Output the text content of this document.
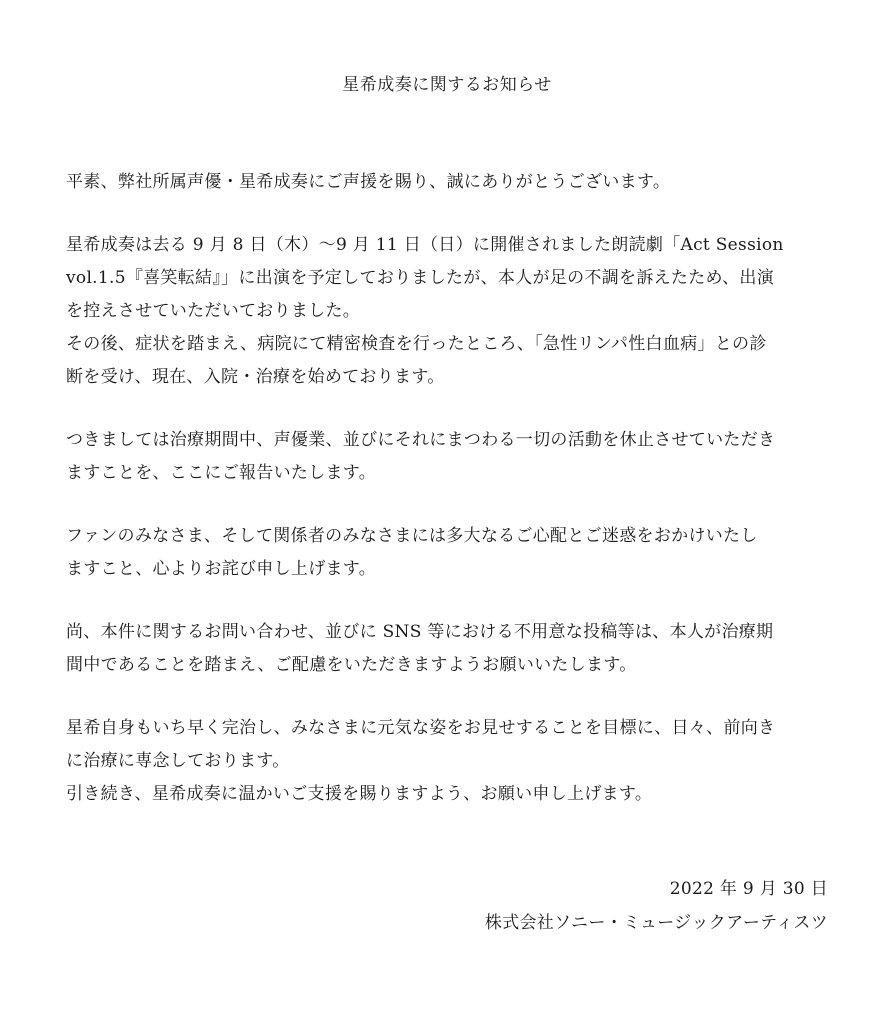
星希成奏に関するお知らせ
平素、弊社所属声優・星希成奏にご声援を賜り、誠にありがとうございます。
星希成奏は去る 9 月 8 日（木）〜9 月 11 日（日）に開催されました朗読劇「Act Session
vol.1.5『喜笑転結』」に出演を予定しておりましたが、本人が足の不調を訴えたため、出演
を控えさせていただいておりました。
その後、症状を踏まえ、病院にて精密検査を行ったところ、「急性リンパ性白血病」との診
断を受け、現在、入院・治療を始めております。
つきましては治療期間中、声優業、並びにそれにまつわる一切の活動を休止させていただき
ますことを、ここにご報告いたします。
ファンのみなさま、そして関係者のみなさまには多大なるご心配とご迷惑をおかけいたし
ますこと、心よりお詫び申し上げます。
尚、本件に関するお問い合わせ、並びに SNS 等における不用意な投稿等は、本人が治療期
間中であることを踏まえ、ご配慮をいただきますようお願いいたします。
星希自身もいち早く完治し、みなさまに元気な姿をお見せすることを目標に、日々、前向き
に治療に専念しております。
引き続き、星希成奏に温かいご支援を賜りますよう、お願い申し上げます。
2022 年 9 月 30 日
株式会社ソニー・ミュージックアーティスツ
